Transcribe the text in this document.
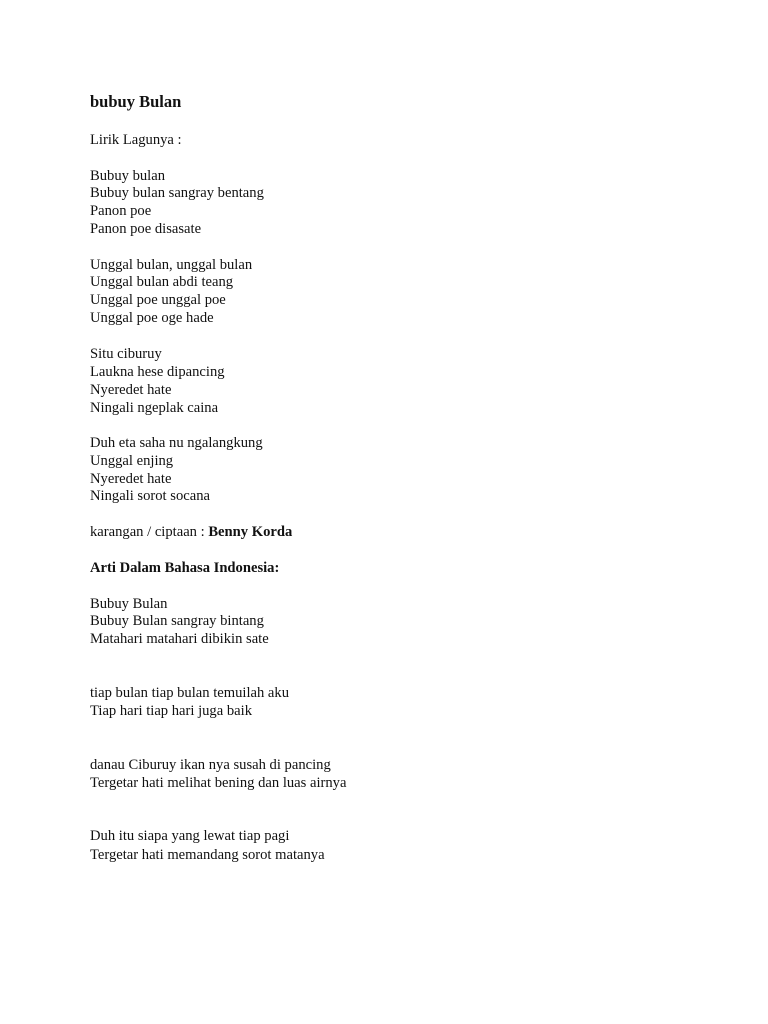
bubuy Bulan
Lirik Lagunya :
Bubuy bulan
Bubuy bulan sangray bentang
Panon poe
Panon poe disasate
Unggal bulan, unggal bulan
Unggal bulan abdi teang
Unggal poe unggal poe
Unggal poe oge hade
Situ ciburuy
Laukna hese dipancing
Nyeredet hate
Ningali ngeplak caina
Duh eta saha nu ngalangkung
Unggal enjing
Nyeredet hate
Ningali sorot socana
karangan / ciptaan : Benny Korda
Arti Dalam Bahasa Indonesia:
Bubuy Bulan
Bubuy Bulan sangray bintang
Matahari matahari dibikin sate
tiap bulan tiap bulan temuilah aku
Tiap hari tiap hari juga baik
danau Ciburuy ikan nya susah di pancing
Tergetar hati melihat bening dan luas airnya
Duh itu siapa yang lewat tiap pagi
Tergetar hati memandang sorot matanya
